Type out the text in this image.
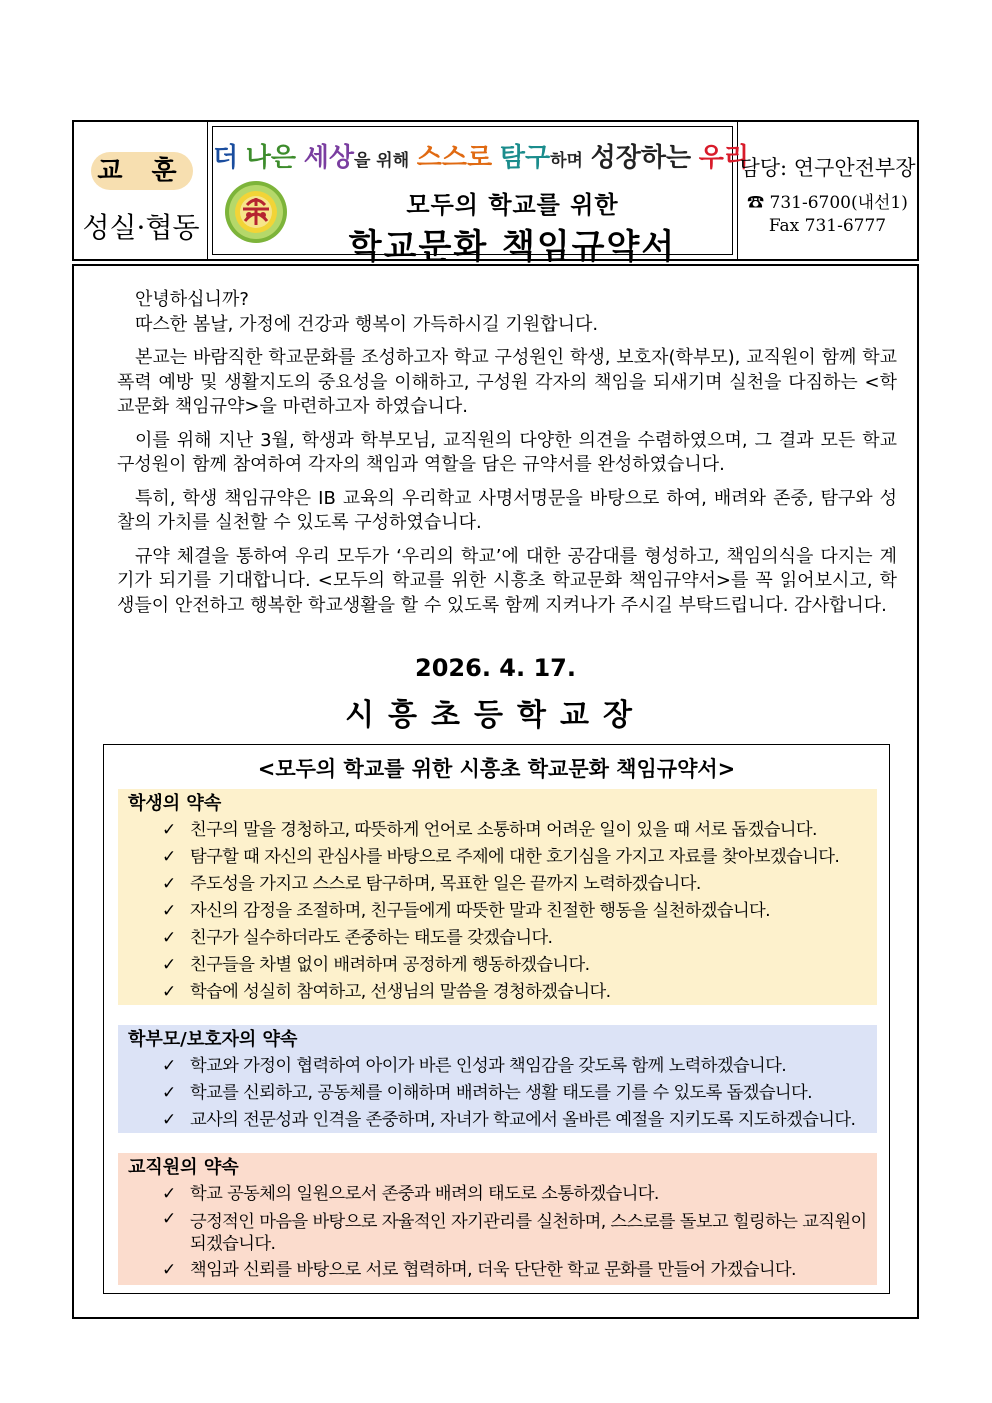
교 훈
성실·협동
더 나은 세상을 위해 스스로 탐구하며 성장하는 우리
모두의 학교를 위한
학교문화 책임규약서
담당: 연구안전부장
☎ 731-6700(내선1)
Fax 731-6777

안녕하십니까?

따스한 봄날, 가정에 건강과 행복이 가득하시길 기원합니다.

본교는 바람직한 학교문화를 조성하고자 학교 구성원인 학생, 보호자(학부모), 교직원이 함께 학교폭력 예방 및 생활지도의 중요성을 이해하고, 구성원 각자의 책임을 되새기며 실천을 다짐하는 <학교문화 책임규약>을 마련하고자 하였습니다.

이를 위해 지난 3월, 학생과 학부모님, 교직원의 다양한 의견을 수렴하였으며, 그 결과 모든 학교 구성원이 함께 참여하여 각자의 책임과 역할을 담은 규약서를 완성하였습니다.

특히, 학생 책임규약은 IB 교육의 우리학교 사명서명문을 바탕으로 하여, 배려와 존중, 탐구와 성찰의 가치를 실천할 수 있도록 구성하였습니다.

규약 체결을 통하여 우리 모두가 ‘우리의 학교’에 대한 공감대를 형성하고, 책임의식을 다지는 계기가 되기를 기대합니다. <모두의 학교를 위한 시흥초 학교문화 책임규약서>를 꼭 읽어보시고, 학생들이 안전하고 행복한 학교생활을 할 수 있도록 함께 지켜나가 주시길 부탁드립니다. 감사합니다.

2026. 4. 17.
시흥초등학교장
<모두의 학교를 위한 시흥초 학교문화 책임규약서>
학생의 약속
✓ 친구의 말을 경청하고, 따뜻하게 언어로 소통하며 어려운 일이 있을 때 서로 돕겠습니다.
✓ 탐구할 때 자신의 관심사를 바탕으로 주제에 대한 호기심을 가지고 자료를 찾아보겠습니다.
✓ 주도성을 가지고 스스로 탐구하며, 목표한 일은 끝까지 노력하겠습니다.
✓ 자신의 감정을 조절하며, 친구들에게 따뜻한 말과 친절한 행동을 실천하겠습니다.
✓ 친구가 실수하더라도 존중하는 태도를 갖겠습니다.
✓ 친구들을 차별 없이 배려하며 공정하게 행동하겠습니다.
✓ 학습에 성실히 참여하고, 선생님의 말씀을 경청하겠습니다.
학부모/보호자의 약속
✓ 학교와 가정이 협력하여 아이가 바른 인성과 책임감을 갖도록 함께 노력하겠습니다.
✓ 학교를 신뢰하고, 공동체를 이해하며 배려하는 생활 태도를 기를 수 있도록 돕겠습니다.
✓ 교사의 전문성과 인격을 존중하며, 자녀가 학교에서 올바른 예절을 지키도록 지도하겠습니다.
교직원의 약속
✓ 학교 공동체의 일원으로서 존중과 배려의 태도로 소통하겠습니다.
✓ 긍정적인 마음을 바탕으로 자율적인 자기관리를 실천하며, 스스로를 돌보고 힐링하는 교직원이 되겠습니다.
✓ 책임과 신뢰를 바탕으로 서로 협력하며, 더욱 단단한 학교 문화를 만들어 가겠습니다.
